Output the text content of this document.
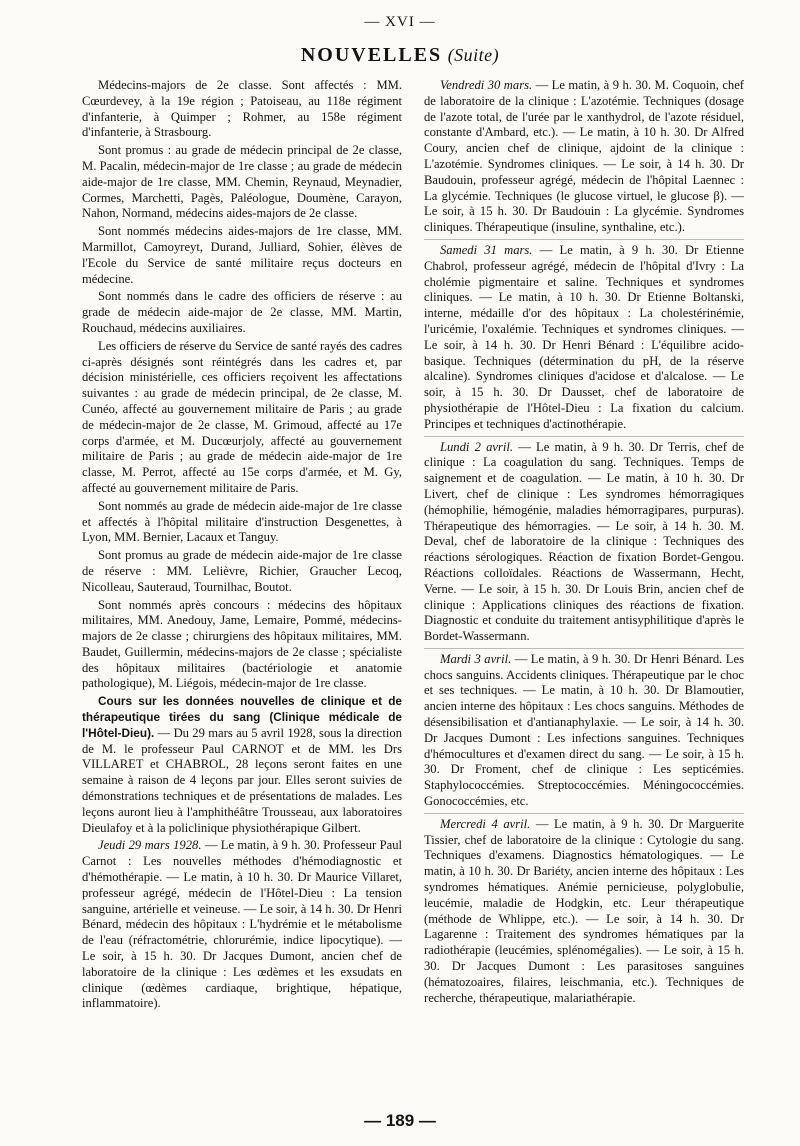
— XVI —
NOUVELLES (Suite)

Médecins-majors de 2e classe. Sont affectés : MM. Cœurdevey, à la 19e région ; Patoiseau, au 118e régiment d'infanterie, à Quimper ; Rohmer, au 158e régiment d'infanterie, à Strasbourg.

Sont promus : au grade de médecin principal de 2e classe, M. Pacalin, médecin-major de 1re classe ; au grade de médecin aide-major de 1re classe, MM. Chemin, Reynaud, Meynadier, Cormes, Marchetti, Pagès, Paléologue, Doumène, Carayon, Nahon, Normand, médecins aides-majors de 2e classe.

Sont nommés médecins aides-majors de 1re classe, MM. Marmillot, Camoyreyt, Durand, Julliard, Sohier, élèves de l'Ecole du Service de santé militaire reçus docteurs en médecine.

Sont nommés dans le cadre des officiers de réserve : au grade de médecin aide-major de 2e classe, MM. Martin, Rouchaud, médecins auxiliaires.

Les officiers de réserve du Service de santé rayés des cadres ci-après désignés sont réintégrés dans les cadres et, par décision ministérielle, ces officiers reçoivent les affectations suivantes : au grade de médecin principal, de 2e classe, M. Cunéo, affecté au gouvernement militaire de Paris ; au grade de médecin-major de 2e classe, M. Grimoud, affecté au 17e corps d'armée, et M. Ducœurjoly, affecté au gouvernement militaire de Paris ; au grade de médecin aide-major de 1re classe, M. Perrot, affecté au 15e corps d'armée, et M. Gy, affecté au gouvernement militaire de Paris.

Sont nommés au grade de médecin aide-major de 1re classe et affectés à l'hôpital militaire d'instruction Desgenettes, à Lyon, MM. Bernier, Lacaux et Tanguy.

Sont promus au grade de médecin aide-major de 1re classe de réserve : MM. Lelièvre, Richier, Graucher Lecoq, Nicolleau, Sauteraud, Tournilhac, Boutot.

Sont nommés après concours : médecins des hôpitaux militaires, MM. Anedouy, Jame, Lemaire, Pommé, médecins-majors de 2e classe ; chirurgiens des hôpitaux militaires, MM. Baudet, Guillermin, médecins-majors de 2e classe ; spécialiste des hôpitaux militaires (bactériologie et anatomie pathologique), M. Liégois, médecin-major de 1re classe.

Cours sur les données nouvelles de clinique et de thérapeutique tirées du sang (Clinique médicale de l'Hôtel-Dieu). — Du 29 mars au 5 avril 1928, sous la direction de M. le professeur Paul CARNOT et de MM. les Drs VILLARET et CHABROL, 28 leçons seront faites en une semaine à raison de 4 leçons par jour. Elles seront suivies de démonstrations techniques et de présentations de malades. Les leçons auront lieu à l'amphithéâtre Trousseau, aux laboratoires Dieulafoy et à la policlinique physiothérapique Gilbert.

Jeudi 29 mars 1928. — Le matin, à 9 h. 30. Professeur Paul Carnot : Les nouvelles méthodes d'hémodiagnostic et d'hémothérapie. — Le matin, à 10 h. 30. Dr Maurice Villaret, professeur agrégé, médecin de l'Hôtel-Dieu : La tension sanguine, artérielle et veineuse. — Le soir, à 14 h. 30. Dr Henri Bénard, médecin des hôpitaux : L'hydrémie et le métabolisme de l'eau (réfractométrie, chlorurémie, indice lipocytique). — Le soir, à 15 h. 30. Dr Jacques Dumont, ancien chef de laboratoire de la clinique : Les œdèmes et les exsudats en clinique (œdèmes cardiaque, brightique, hépatique, inflammatoire).

Vendredi 30 mars. — Le matin, à 9 h. 30. M. Coquoin, chef de laboratoire de la clinique : L'azotémie. Techniques (dosage de l'azote total, de l'urée par le xanthydrol, de l'azote résiduel, constante d'Ambard, etc.). — Le matin, à 10 h. 30. Dr Alfred Coury, ancien chef de clinique, ajdoint de la clinique : L'azotémie. Syndromes cliniques. — Le soir, à 14 h. 30. Dr Baudouin, professeur agrégé, médecin de l'hôpital Laennec : La glycémie. Techniques (le glucose virtuel, le glucose β). — Le soir, à 15 h. 30. Dr Baudouin : La glycémie. Syndromes cliniques. Thérapeutique (insuline, synthaline, etc.).

Samedi 31 mars. — Le matin, à 9 h. 30. Dr Etienne Chabrol, professeur agrégé, médecin de l'hôpital d'Ivry : La cholémie pigmentaire et saline. Techniques et syndromes cliniques. — Le matin, à 10 h. 30. Dr Etienne Boltanski, interne, médaille d'or des hôpitaux : La cholestérinémie, l'uricémie, l'oxalémie. Techniques et syndromes cliniques. — Le soir, à 14 h. 30. Dr Henri Bénard : L'équilibre acido-basique. Techniques (détermination du pH, de la réserve alcaline). Syndromes cliniques d'acidose et d'alcalose. — Le soir, à 15 h. 30. Dr Dausset, chef de laboratoire de physiothérapie de l'Hôtel-Dieu : La fixation du calcium. Principes et techniques d'actinothérapie.

Lundi 2 avril. — Le matin, à 9 h. 30. Dr Terris, chef de clinique : La coagulation du sang. Techniques. Temps de saignement et de coagulation. — Le matin, à 10 h. 30. Dr Livert, chef de clinique : Les syndromes hémorragiques (hémophilie, hémogénie, maladies hémorragipares, purpuras). Thérapeutique des hémorragies. — Le soir, à 14 h. 30. M. Deval, chef de laboratoire de la clinique : Techniques des réactions sérologiques. Réaction de fixation Bordet-Gengou. Réactions colloïdales. Réactions de Wassermann, Hecht, Verne. — Le soir, à 15 h. 30. Dr Louis Brin, ancien chef de clinique : Applications cliniques des réactions de fixation. Diagnostic et conduite du traitement antisyphilitique d'après le Bordet-Wassermann.

Mardi 3 avril. — Le matin, à 9 h. 30. Dr Henri Bénard. Les chocs sanguins. Accidents cliniques. Thérapeutique par le choc et ses techniques. — Le matin, à 10 h. 30. Dr Blamoutier, ancien interne des hôpitaux : Les chocs sanguins. Méthodes de désensibilisation et d'antianaphylaxie. — Le soir, à 14 h. 30. Dr Jacques Dumont : Les infections sanguines. Techniques d'hémocultures et d'examen direct du sang. — Le soir, à 15 h. 30. Dr Froment, chef de clinique : Les septicémies. Staphylococcémies. Streptococcémies. Méningococcémies. Gonococcémies, etc.

Mercredi 4 avril. — Le matin, à 9 h. 30. Dr Marguerite Tissier, chef de laboratoire de la clinique : Cytologie du sang. Techniques d'examens. Diagnostics hématologiques. — Le matin, à 10 h. 30. Dr Bariéty, ancien interne des hôpitaux : Les syndromes hématiques. Anémie pernicieuse, polyglobulie, leucémie, maladie de Hodgkin, etc. Leur thérapeutique (méthode de Whlippe, etc.). — Le soir, à 14 h. 30. Dr Lagarenne : Traitement des syndromes hématiques par la radiothérapie (leucémies, splénomégalies). — Le soir, à 15 h. 30. Dr Jacques Dumont : Les parasitoses sanguines (hématozoaires, filaires, leischmania, etc.). Techniques de recherche, thérapeutique, malariathérapie.

— 189 —
